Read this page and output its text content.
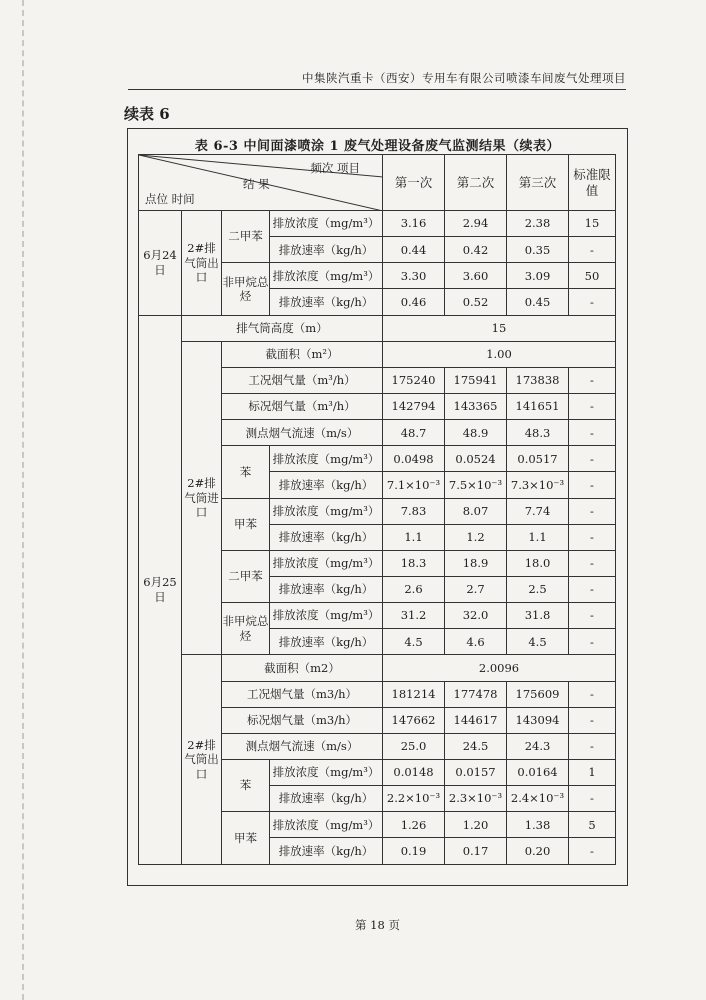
中集陕汽重卡（西安）专用车有限公司喷漆车间废气处理项目
续表 6
表 6-3 中间面漆喷涂 1 废气处理设备废气监测结果（续表）
频次 项目
结 果
点位 时间				第一次	第二次	第三次	标准限值
6月24日	2#排气筒出口	二甲苯	排放浓度（mg/m³）	3.16	2.94	2.38	15
			排放速率（kg/h）	0.44	0.42	0.35	-
		非甲烷总烃	排放浓度（mg/m³）	3.30	3.60	3.09	50
			排放速率（kg/h）	0.46	0.52	0.45	-
6月25日	排气筒高度（m）			15			
	2#排气筒进口	截面积（m²）		1.00			
		工况烟气量（m³/h）		175240	175941	173838	-
		标况烟气量（m³/h）		142794	143365	141651	-
		测点烟气流速（m/s）		48.7	48.9	48.3	-
		苯	排放浓度（mg/m³）	0.0498	0.0524	0.0517	-
			排放速率（kg/h）	7.1×10⁻³	7.5×10⁻³	7.3×10⁻³	-
		甲苯	排放浓度（mg/m³）	7.83	8.07	7.74	-
			排放速率（kg/h）	1.1	1.2	1.1	-
		二甲苯	排放浓度（mg/m³）	18.3	18.9	18.0	-
			排放速率（kg/h）	2.6	2.7	2.5	-
		非甲烷总烃	排放浓度（mg/m³）	31.2	32.0	31.8	-
			排放速率（kg/h）	4.5	4.6	4.5	-
	2#排气筒出口	截面积（m2）		2.0096			
		工况烟气量（m3/h）		181214	177478	175609	-
		标况烟气量（m3/h）		147662	144617	143094	-
		测点烟气流速（m/s）		25.0	24.5	24.3	-
		苯	排放浓度（mg/m³）	0.0148	0.0157	0.0164	1
			排放速率（kg/h）	2.2×10⁻³	2.3×10⁻³	2.4×10⁻³	-
		甲苯	排放浓度（mg/m³）	1.26	1.20	1.38	5
			排放速率（kg/h）	0.19	0.17	0.20	-
第 18 页
